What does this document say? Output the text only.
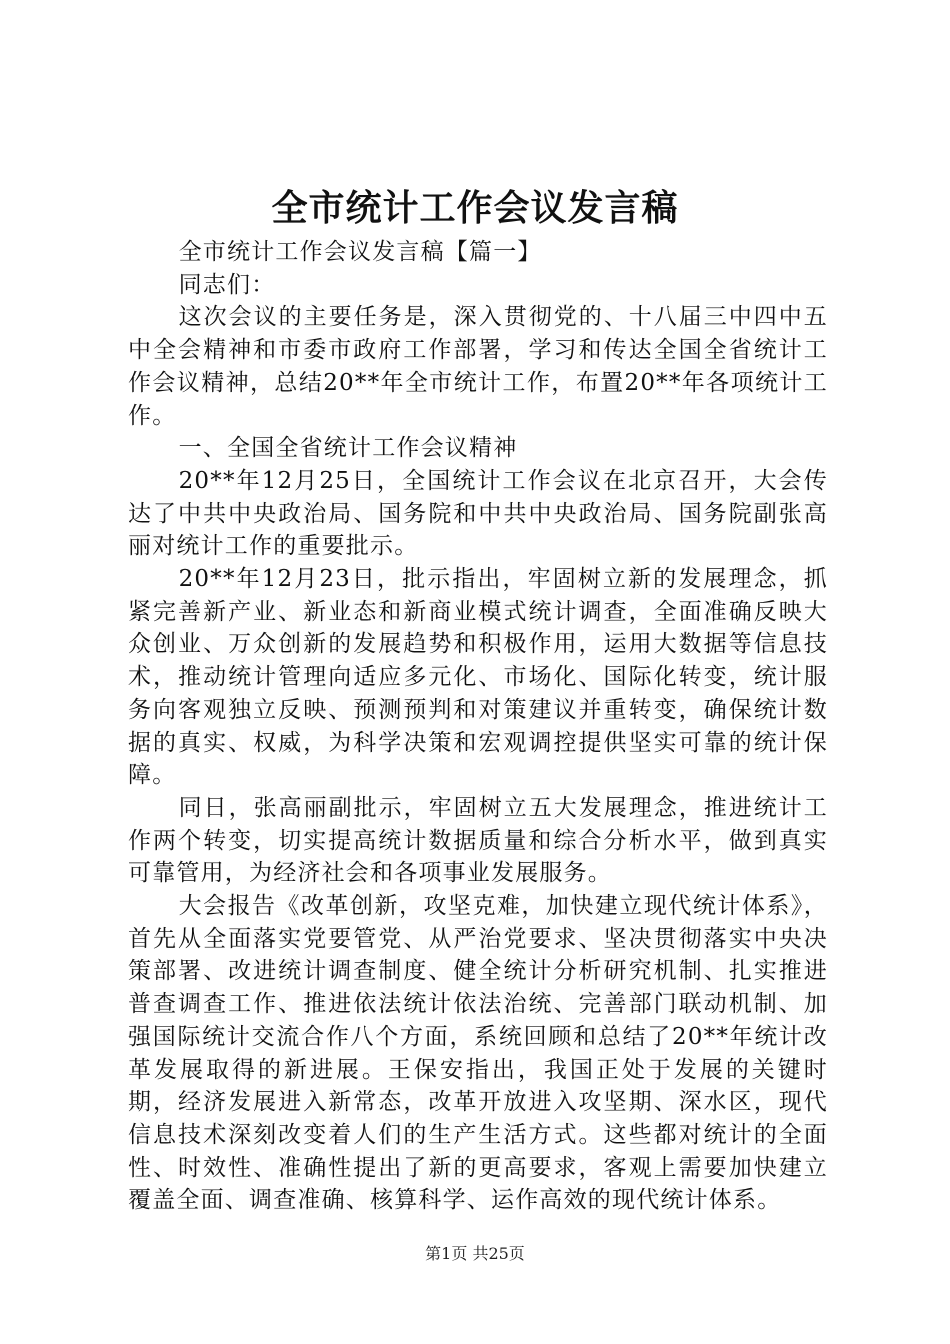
全市统计工作会议发言稿

全市统计工作会议发言稿【篇一】

同志们：

这次会议的主要任务是，深入贯彻党的、十八届三中四中五中全会精神和市委市政府工作部署，学习和传达全国全省统计工作会议精神，总结20**年全市统计工作，布置20**年各项统计工作。

一、全国全省统计工作会议精神

20**年12月25日，全国统计工作会议在北京召开，大会传达了中共中央政治局、国务院和中共中央政治局、国务院副张高丽对统计工作的重要批示。

20**年12月23日，批示指出，牢固树立新的发展理念，抓紧完善新产业、新业态和新商业模式统计调查，全面准确反映大众创业、万众创新的发展趋势和积极作用，运用大数据等信息技术，推动统计管理向适应多元化、市场化、国际化转变，统计服务向客观独立反映、预测预判和对策建议并重转变，确保统计数据的真实、权威，为科学决策和宏观调控提供坚实可靠的统计保障。

同日，张高丽副批示，牢固树立五大发展理念，推进统计工作两个转变，切实提高统计数据质量和综合分析水平，做到真实可靠管用，为经济社会和各项事业发展服务。

大会报告《改革创新，攻坚克难，加快建立现代统计体系》，首先从全面落实党要管党、从严治党要求、坚决贯彻落实中央决策部署、改进统计调查制度、健全统计分析研究机制、扎实推进普查调查工作、推进依法统计依法治统、完善部门联动机制、加强国际统计交流合作八个方面，系统回顾和总结了20**年统计改革发展取得的新进展。王保安指出，我国正处于发展的关键时期，经济发展进入新常态，改革开放进入攻坚期、深水区，现代信息技术深刻改变着人们的生产生活方式。这些都对统计的全面性、时效性、准确性提出了新的更高要求，客观上需要加快建立覆盖全面、调查准确、核算科学、运作高效的现代统计体系。

第1页 共25页
